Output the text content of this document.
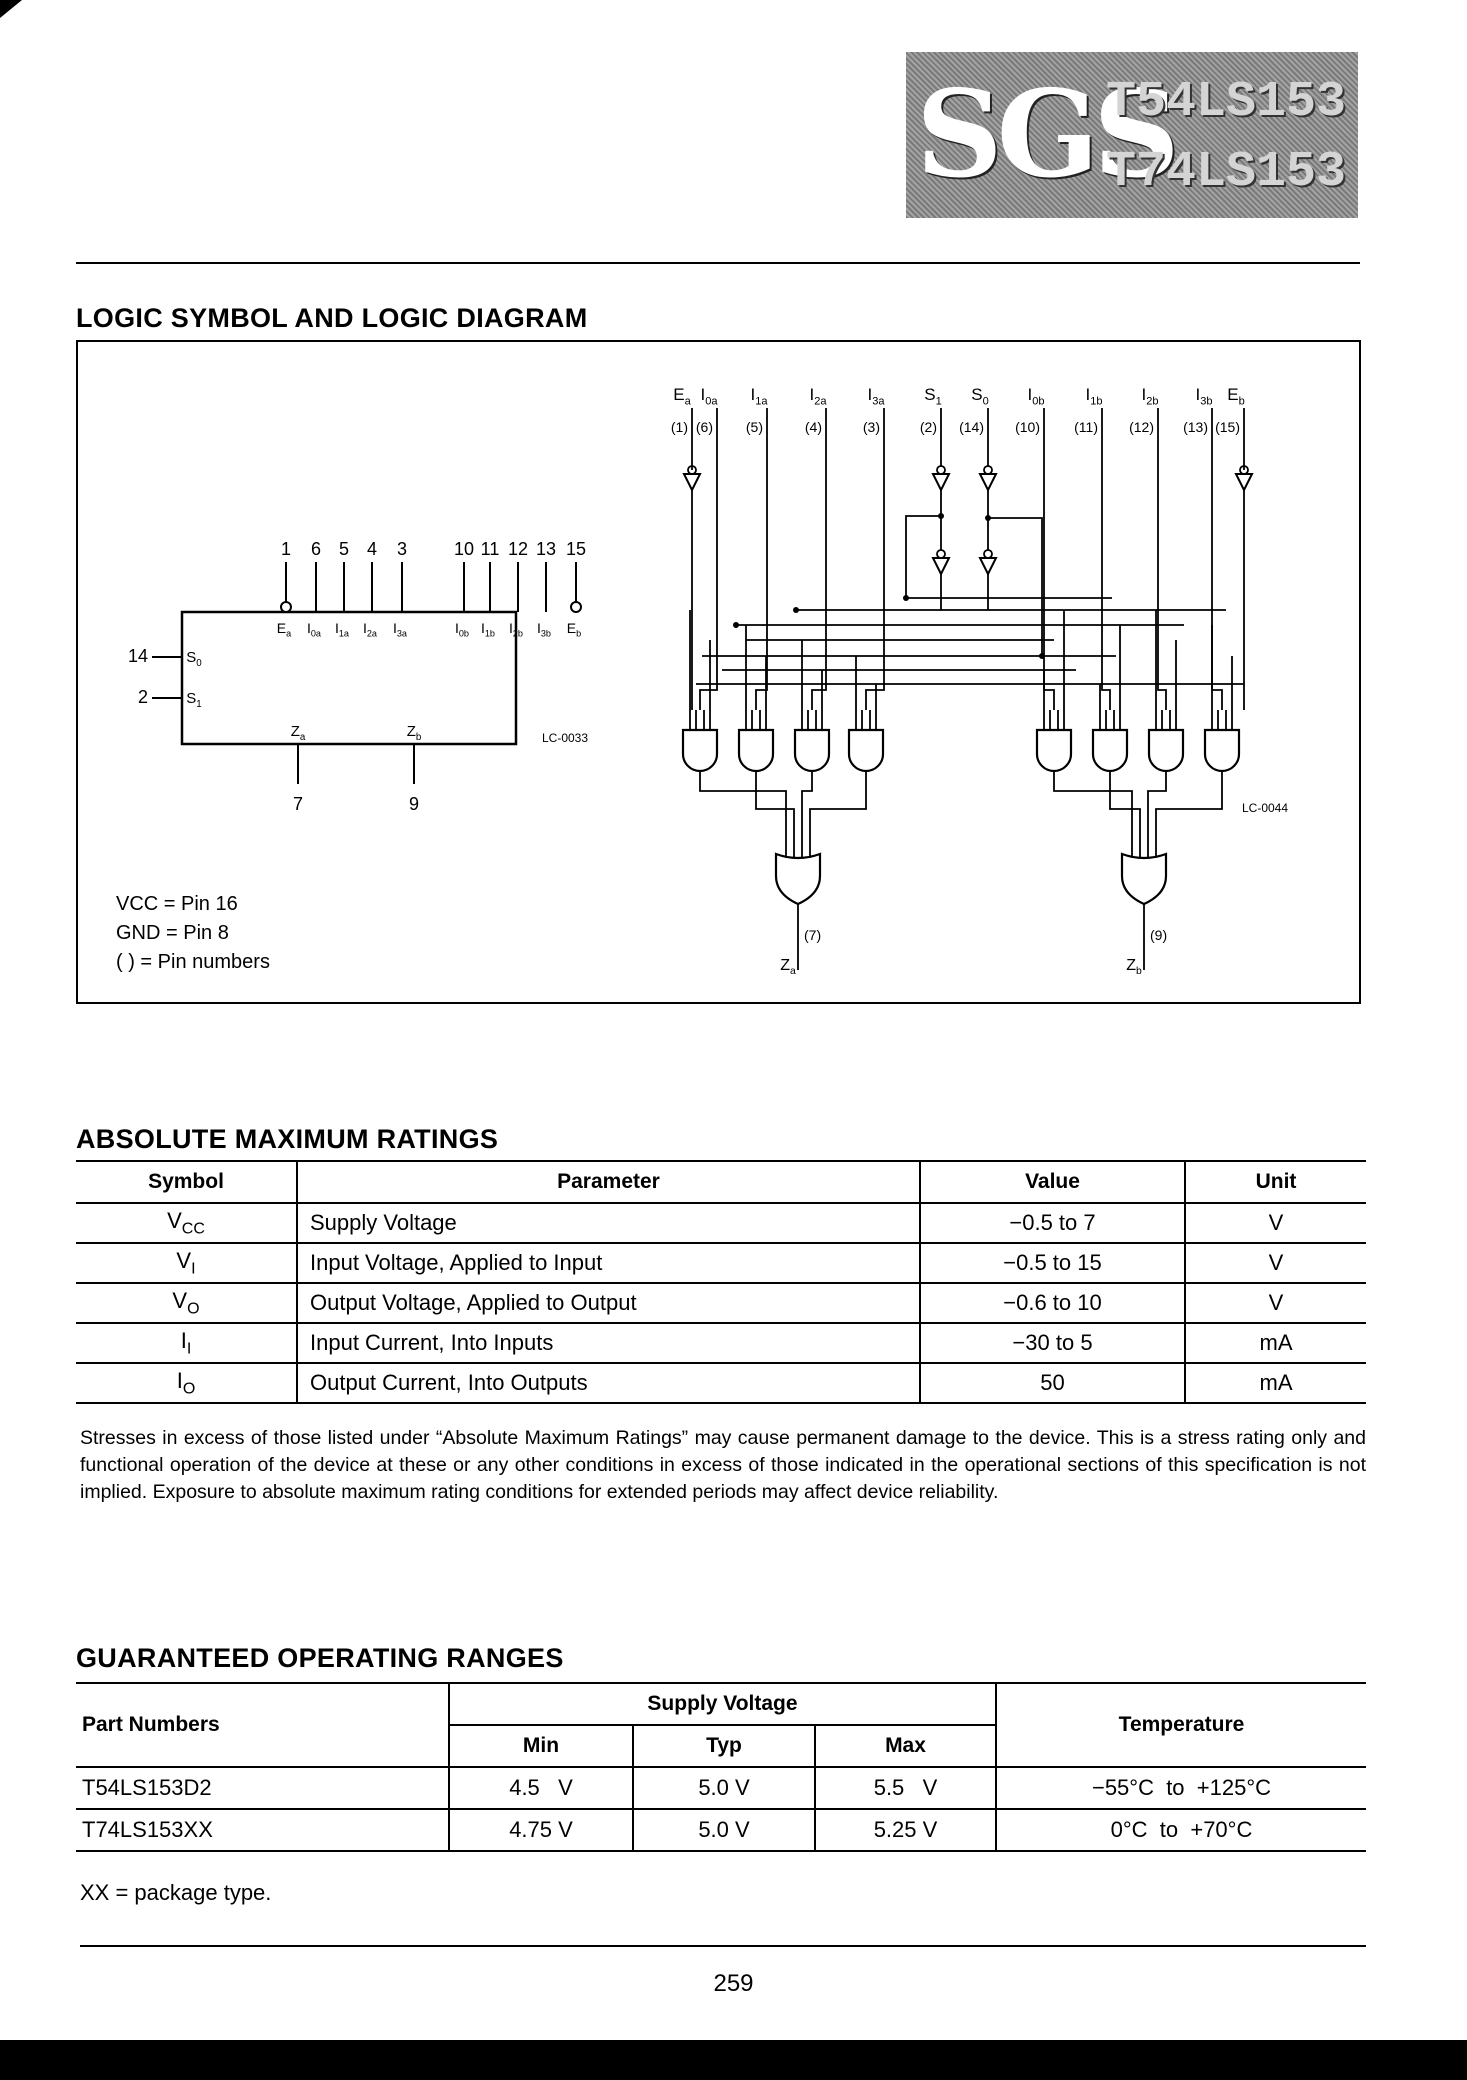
SGS
T54LS153
T74LS153
LOGIC SYMBOL AND LOGIC DIAGRAM
1
$E_a$
6
$I_{0a}$
5
$I_{1a}$
4
$I_{2a}$
3
$I_{3a}$
10
$I_{0b}$
11
$I_{1b}$
12
$I_{2b}$
13
$I_{3b}$
15
$E_b$
14
2
$S_0$
$S_1$
$Z_a$	$Z_b$
7	9
LC-0033
$E_a$
(1)
$I_{0a}$
(6)
$I_{1a}$
(5)
$I_{2a}$
(4)
$I_{3a}$
(3)
$S_1$
(2)
$S_0$
(14)
$I_{0b}$
(10)
$I_{1b}$
(11)
$I_{2b}$
(12)
$I_{3b}$
(13)
$E_b$
(15)
(7)	(9)
$Z_a$	$Z_b$
LC-0044
VCC = Pin 16
GND = Pin 8
( ) = Pin numbers
ABSOLUTE MAXIMUM RATINGS
Symbol	Parameter	Value	Unit
$V_{CC}$	Supply Voltage	−0.5 to 7	V
$V_I$	Input Voltage, Applied to Input	−0.5 to 15	V
$V_O$	Output Voltage, Applied to Output	−0.6 to 10	V
$I_I$	Input Current, Into Inputs	−30 to 5	mA
$I_O$	Output Current, Into Outputs	50	mA
Stresses in excess of those listed under “Absolute Maximum Ratings” may cause permanent damage to the device. This is a stress rating only and functional operation of the device at these or any other conditions in excess of those indicated in the operational sections of this specification is not implied. Exposure to absolute maximum rating conditions for extended periods may affect device reliability.
GUARANTEED OPERATING RANGES
Part Numbers	Supply Voltage			Temperature
	Min	Typ	Max	
T54LS153D2	4.5   V	5.0 V	5.5   V	−55°C  to  +125°C
T74LS153XX	4.75 V	5.0 V	5.25 V	0°C  to  +70°C
XX = package type.
259
